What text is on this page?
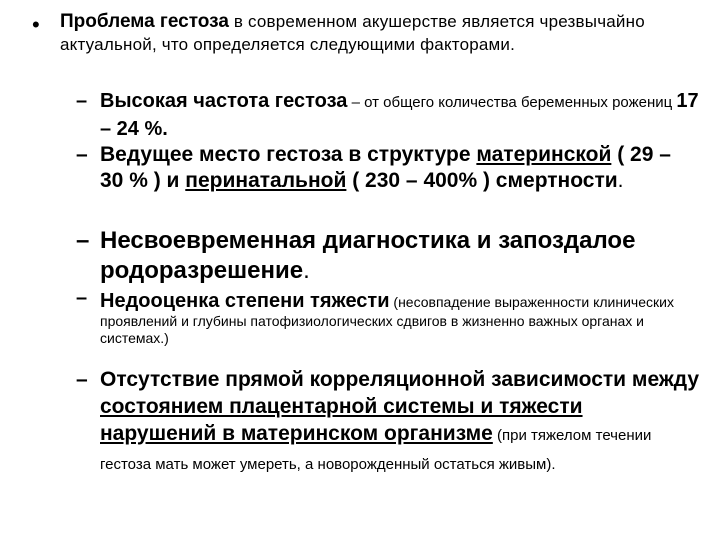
• Проблема гестоза в современном акушерстве является чрезвычайно актуальной, что определяется следующими факторами.

– Высокая частота гестоза – от общего количества беременных рожениц 17 – 24 %.

– Ведущее место гестоза в структуре материнской ( 29 – 30 % ) и перинатальной ( 230 – 400% ) смертности.

– Несвоевременная диагностика и запоздалое родоразрешение.

– Недооценка степени тяжести (несовпадение выраженности клинических проявлений и глубины патофизиологических сдвигов в жизненно важных органах и системах.)

– Отсутствие прямой корреляционной зависимости между состоянием плацентарной системы и тяжести нарушений в материнском организме (при тяжелом течении гестоза мать может умереть, а новорожденный остаться живым).
